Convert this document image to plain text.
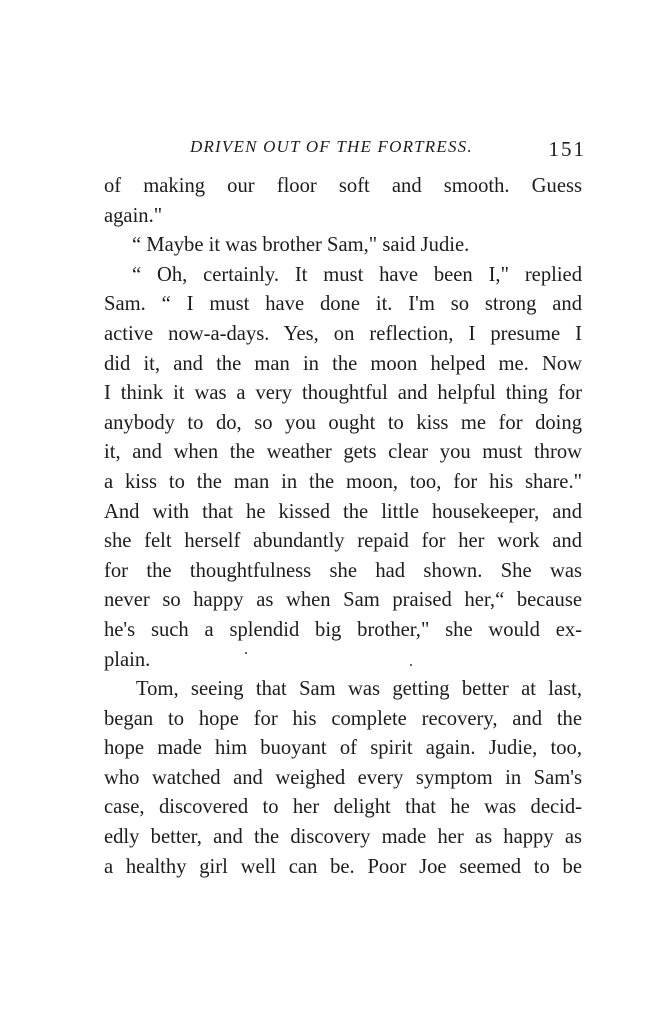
DRIVEN OUT OF THE FORTRESS.	151
of making our floor soft and smooth. Guess
again."
“ Maybe it was brother Sam," said Judie.
“ Oh, certainly. It must have been I," replied
Sam. “ I must have done it. I'm so strong and
active now-a-days. Yes, on reflection, I presume I
did it, and the man in the moon helped me. Now
I think it was a very thoughtful and helpful thing for
anybody to do, so you ought to kiss me for doing
it, and when the weather gets clear you must throw
a kiss to the man in the moon, too, for his share."
And with that he kissed the little housekeeper, and
she felt herself abundantly repaid for her work and
for the thoughtfulness she had shown. She was
never so happy as when Sam praised her,“ because
he's such a splendid big brother," she would ex-
plain.
Tom, seeing that Sam was getting better at last,
began to hope for his complete recovery, and the
hope made him buoyant of spirit again. Judie, too,
who watched and weighed every symptom in Sam's
case, discovered to her delight that he was decid-
edly better, and the discovery made her as happy as
a healthy girl well can be. Poor Joe seemed to be
